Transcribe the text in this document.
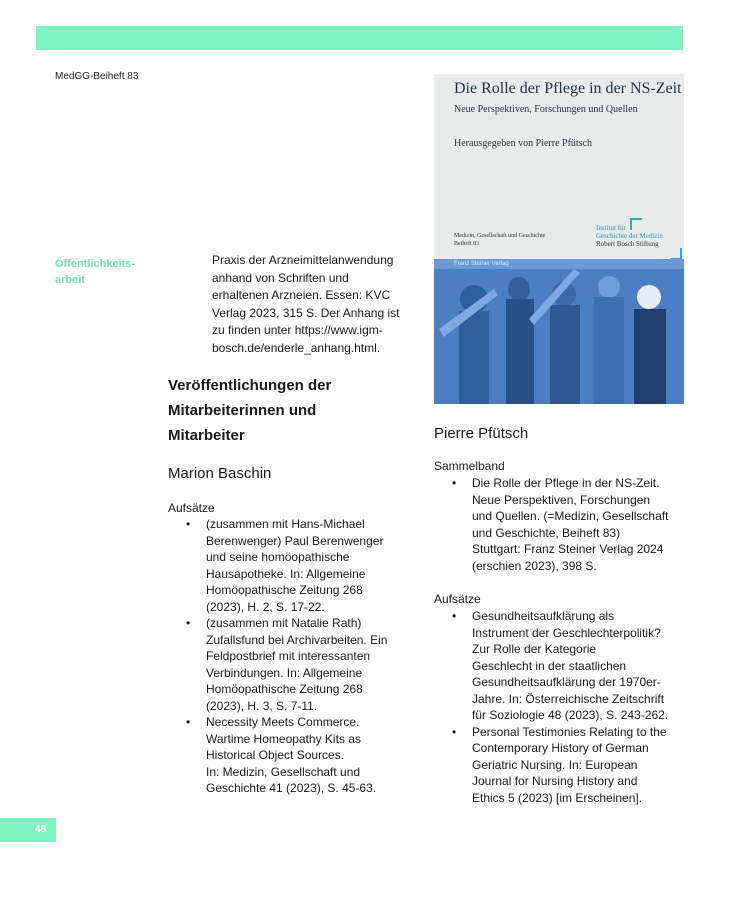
MedGG-Beiheft 83
Öffentlichkeits-
arbeit
Praxis der Arzneimittelanwendung
anhand von Schriften und
erhaltenen Arzneien. Essen: KVC
Verlag 2023, 315 S. Der Anhang ist
zu finden unter https://www.igm-
bosch.de/enderle_anhang.html.
Veröffentlichungen der
Mitarbeiterinnen und
Mitarbeiter
Marion Baschin
Aufsätze
• (zusammen mit Hans-Michael
Berenwenger) Paul Berenwenger
und seine homöopathische
Hausapotheke. In: Allgemeine
Homöopathische Zeitung 268
(2023), H. 2, S. 17-22.
• (zusammen mit Natalie Rath)
Zufallsfund bei Archivarbeiten. Ein
Feldpostbrief mit interessanten
Verbindungen. In: Allgemeine
Homöopathische Zeitung 268
(2023), H. 3, S. 7-11.
• Necessity Meets Commerce.
Wartime Homeopathy Kits as
Historical Object Sources.
In: Medizin, Gesellschaft und
Geschichte 41 (2023), S. 45-63.
Die Rolle der Pflege in der NS-Zeit
Neue Perspektiven, Forschungen und Quellen
Herausgegeben von Pierre Pfütsch
Medizin, Gesellschaft und Geschichte
Beiheft 83
Institut für
Geschichte der Medizin
Robert Bosch Stiftung
Franz Steiner Verlag
Pierre Pfütsch
Sammelband
• Die Rolle der Pflege in der NS-Zeit.
Neue Perspektiven, Forschungen
und Quellen. (=Medizin, Gesellschaft
und Geschichte, Beiheft 83)
Stuttgart: Franz Steiner Verlag 2024
(erschien 2023), 398 S.
Aufsätze
• Gesundheitsaufklärung als
Instrument der Geschlechterpolitik?
Zur Rolle der Kategorie
Geschlecht in der staatlichen
Gesundheitsaufklärung der 1970er-
Jahre. In: Österreichische Zeitschrift
für Soziologie 48 (2023), S. 243-262.
• Personal Testimonies Relating to the
Contemporary History of German
Geriatric Nursing. In: European
Journal for Nursing History and
Ethics 5 (2023) [im Erscheinen].
48
